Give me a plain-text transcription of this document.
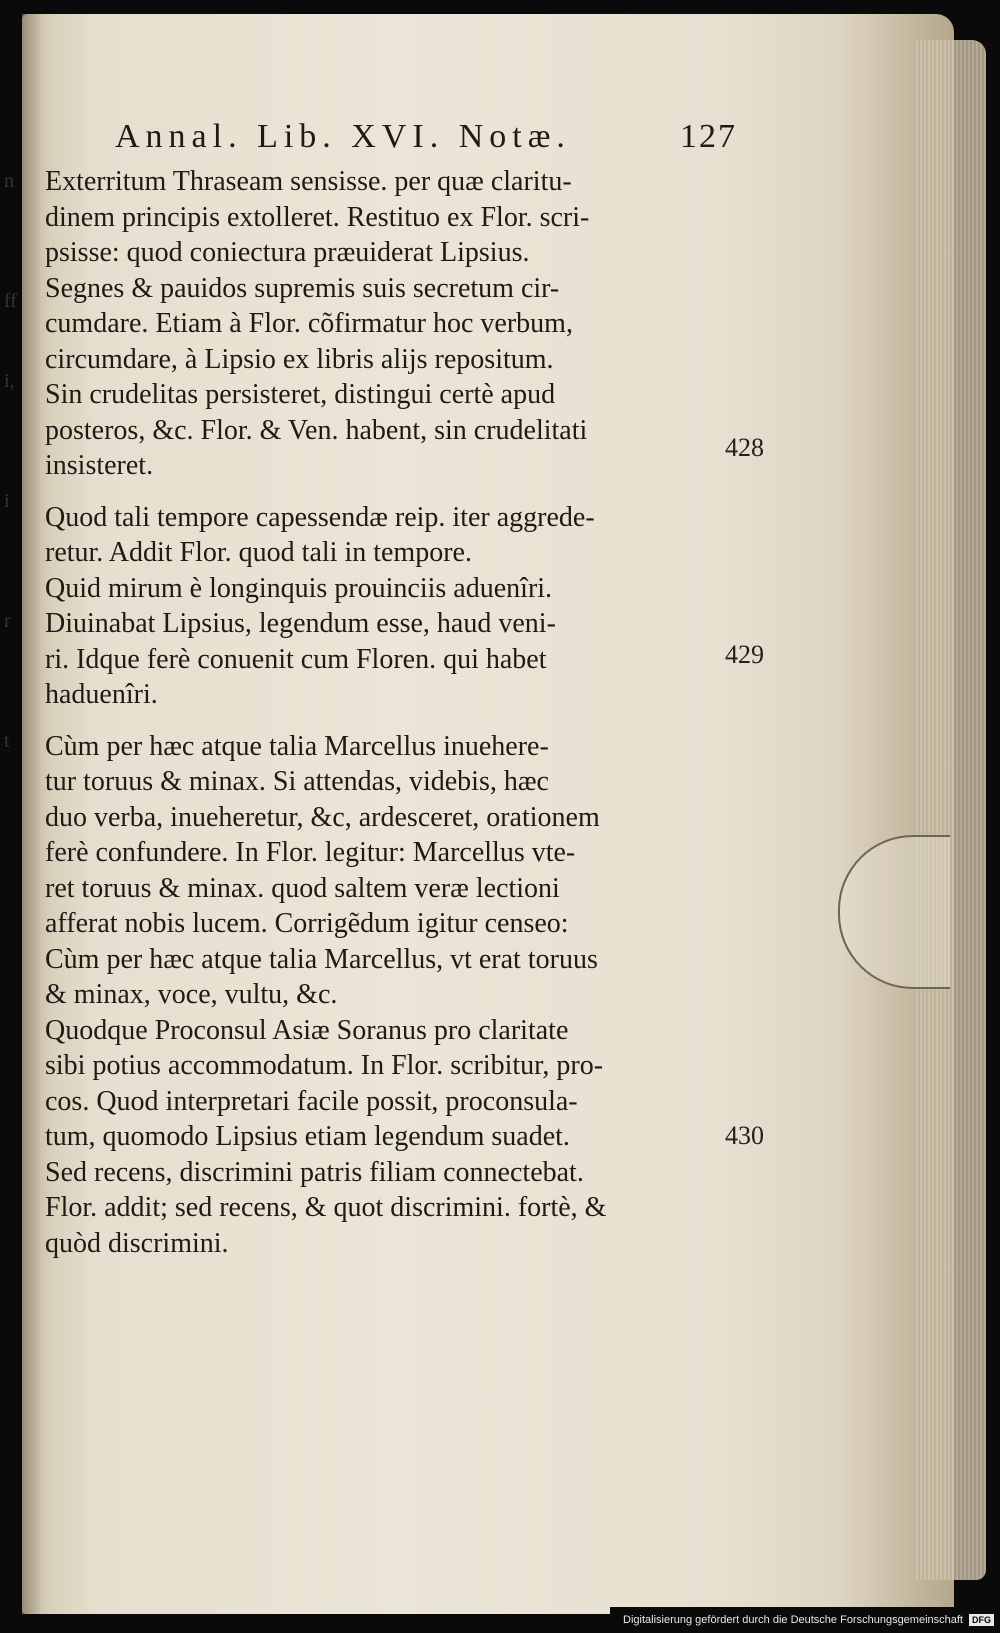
n
ff
i,
i
r
t
Annal. Lib. XVI. Notæ.	127
Exterritum Thraseam sensisse. per quæ claritu-
dinem principis extolleret. Restituo ex Flor. scri-
psisse: quod coniectura præuiderat Lipsius.
Segnes & pauidos supremis suis secretum cir-
cumdare. Etiam à Flor. cõfirmatur hoc verbum,
circumdare, à Lipsio ex libris alijs repositum.
Sin crudelitas persisteret, distingui certè apud
posteros, &c. Flor. & Ven. habent, sin crudelitati
insisteret.
Quod tali tempore capessendæ reip. iter aggrede-
retur. Addit Flor. quod tali in tempore.
Quid mirum è longinquis prouinciis aduenîri.
Diuinabat Lipsius, legendum esse, haud veni-
ri. Idque ferè conuenit cum Floren. qui habet
haduenîri.
Cùm per hæc atque talia Marcellus inuehere-
tur toruus & minax. Si attendas, videbis, hæc
duo verba, inueheretur, &c, ardesceret, orationem
ferè confundere. In Flor. legitur: Marcellus vte-
ret toruus & minax. quod saltem veræ lectioni
afferat nobis lucem. Corrigẽdum igitur censeo:
Cùm per hæc atque talia Marcellus, vt erat toruus
& minax, voce, vultu, &c.
Quodque Proconsul Asiæ Soranus pro claritate
sibi potius accommodatum. In Flor. scribitur, pro-
cos. Quod interpretari facile possit, proconsula-
tum, quomodo Lipsius etiam legendum suadet.
Sed recens, discrimini patris filiam connectebat.
Flor. addit; sed recens, & quot discrimini. fortè, &
quòd discrimini.
428
429
430
Digitalisierung gefördert durch die Deutsche Forschungsgemeinschaft	DFG
